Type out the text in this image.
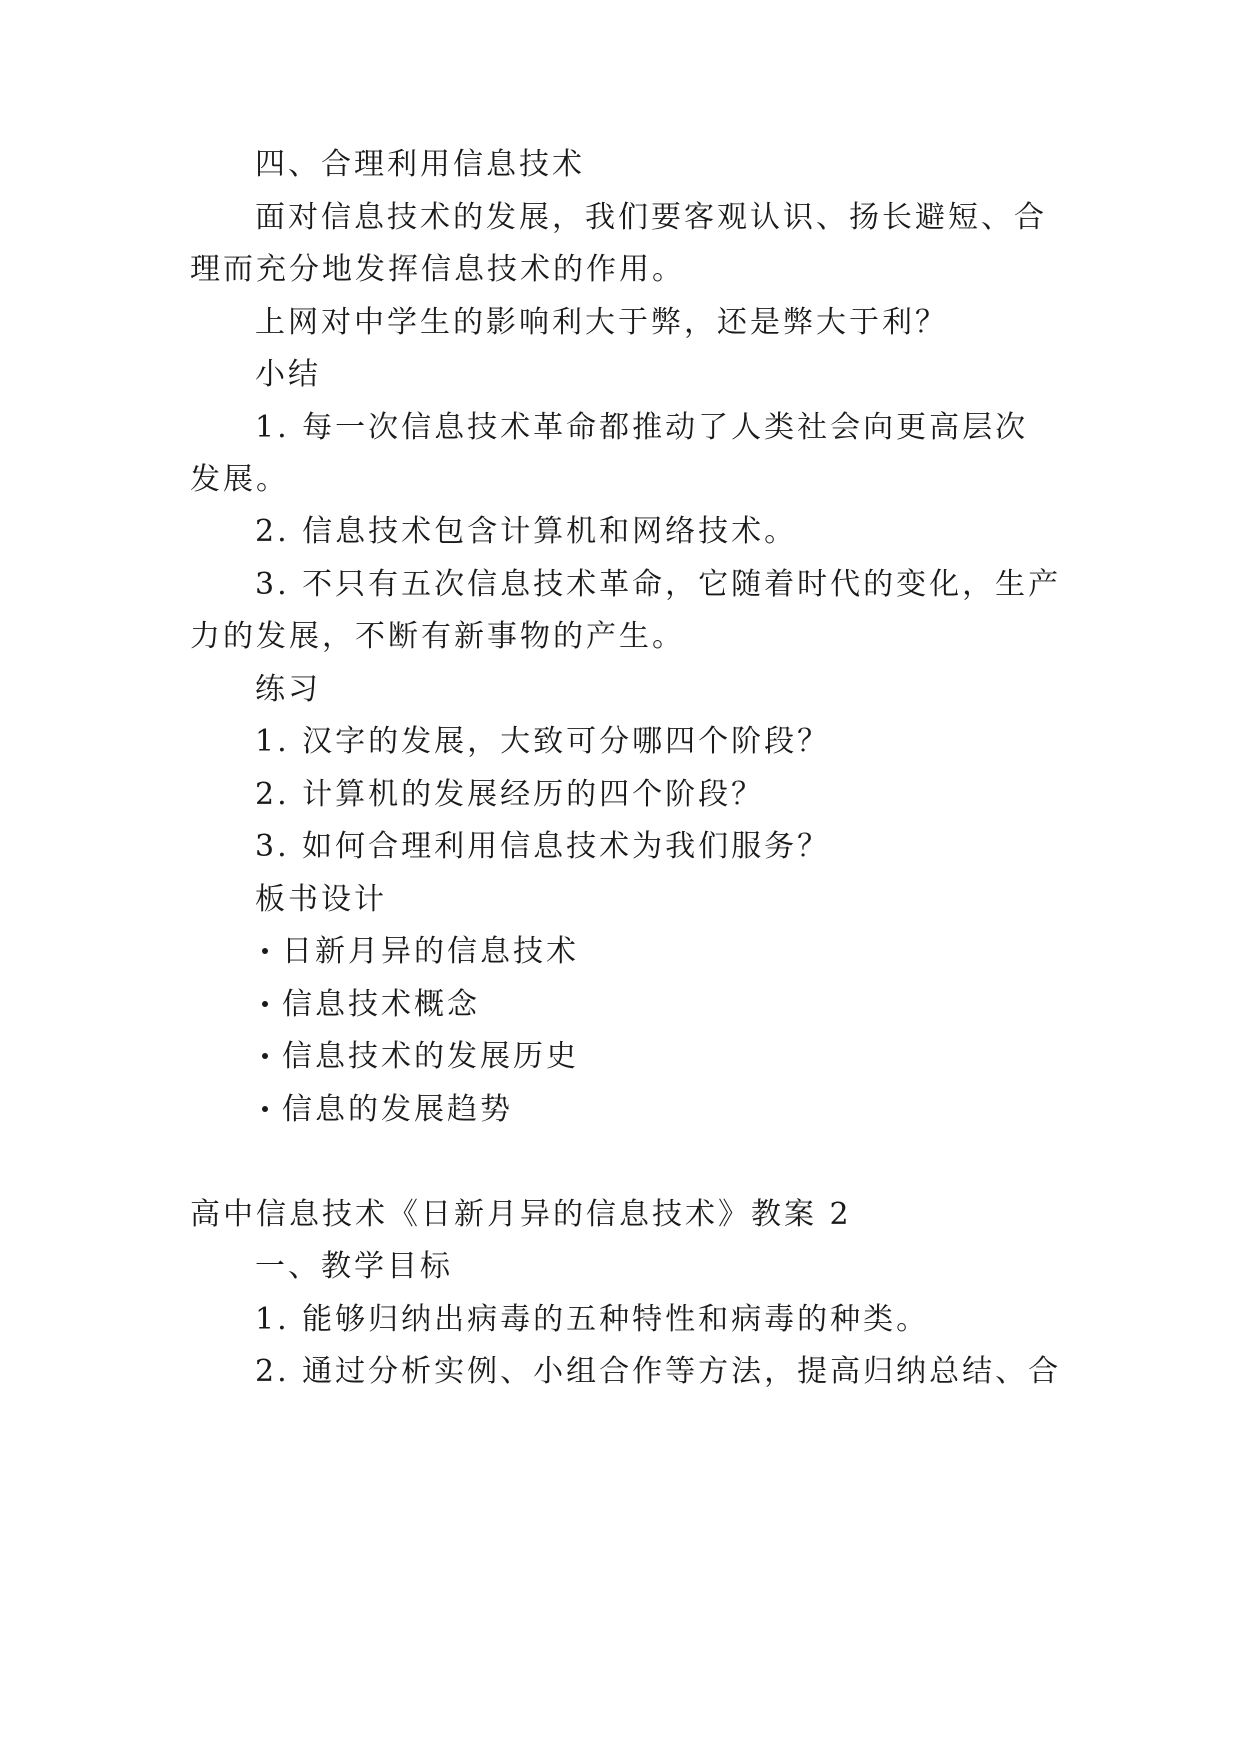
四、合理利用信息技术
面对信息技术的发展，我们要客观认识、扬长避短、合
理而充分地发挥信息技术的作用。
上网对中学生的影响利大于弊，还是弊大于利？
小结
1. 每一次信息技术革命都推动了人类社会向更高层次
发展。
2. 信息技术包含计算机和网络技术。
3. 不只有五次信息技术革命，它随着时代的变化，生产
力的发展，不断有新事物的产生。
练习
1. 汉字的发展，大致可分哪四个阶段？
2. 计算机的发展经历的四个阶段？
3. 如何合理利用信息技术为我们服务？
板书设计
日新月异的信息技术
信息技术概念
信息技术的发展历史
信息的发展趋势
高中信息技术《日新月异的信息技术》教案 2
一、教学目标
1. 能够归纳出病毒的五种特性和病毒的种类。
2. 通过分析实例、小组合作等方法，提高归纳总结、合
